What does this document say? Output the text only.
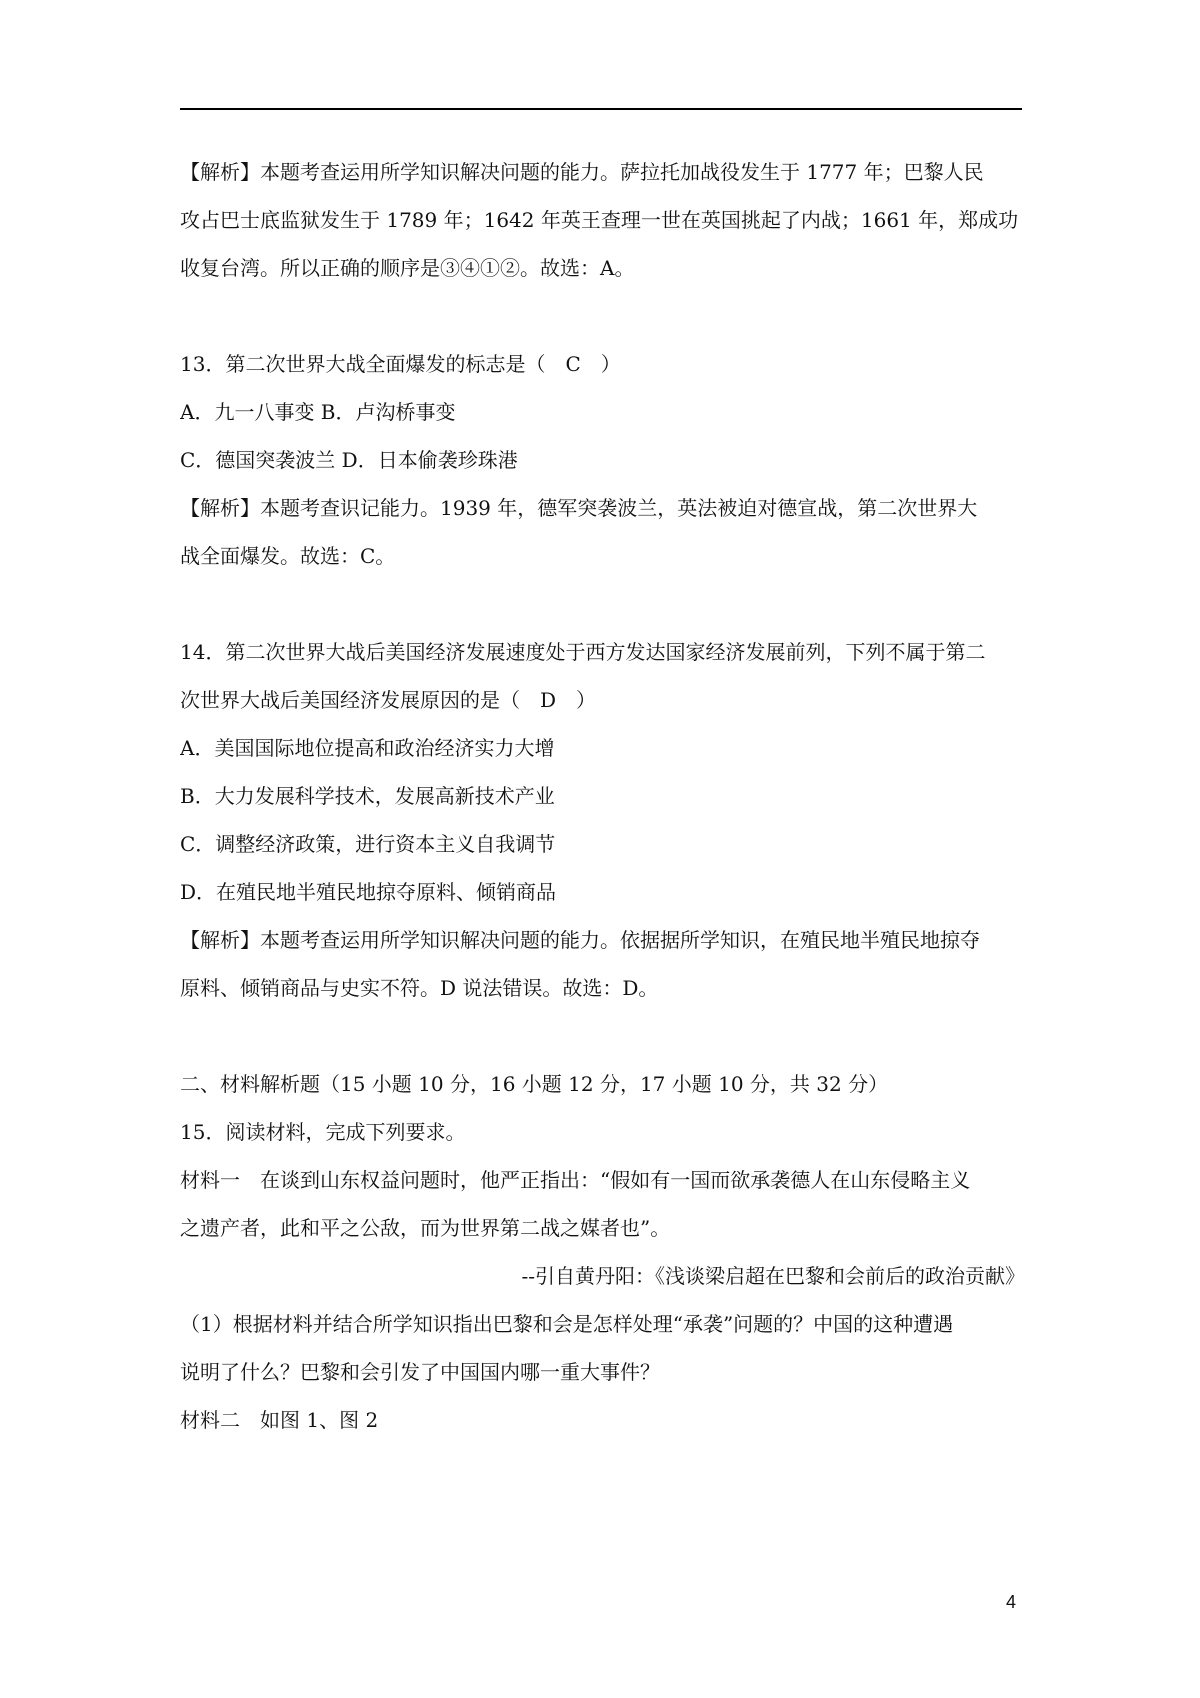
【解析】本题考查运用所学知识解决问题的能力。萨拉托加战役发生于 1777 年；巴黎人民
攻占巴士底监狱发生于 1789 年；1642 年英王查理一世在英国挑起了内战；1661 年，郑成功
收复台湾。所以正确的顺序是③④①②。故选：A。
13．第二次世界大战全面爆发的标志是（　C　）
A．九一八事变 B．卢沟桥事变
C．德国突袭波兰 D．日本偷袭珍珠港
【解析】本题考查识记能力。1939 年，德军突袭波兰，英法被迫对德宣战，第二次世界大
战全面爆发。故选：C。
14．第二次世界大战后美国经济发展速度处于西方发达国家经济发展前列，下列不属于第二
次世界大战后美国经济发展原因的是（　D　）
A．美国国际地位提高和政治经济实力大增
B．大力发展科学技术，发展高新技术产业
C．调整经济政策，进行资本主义自我调节
D．在殖民地半殖民地掠夺原料、倾销商品
【解析】本题考查运用所学知识解决问题的能力。依据据所学知识，在殖民地半殖民地掠夺
原料、倾销商品与史实不符。D 说法错误。故选：D。
二、材料解析题（15 小题 10 分，16 小题 12 分，17 小题 10 分，共 32 分）
15．阅读材料，完成下列要求。
材料一　在谈到山东权益问题时，他严正指出：“假如有一国而欲承袭德人在山东侵略主义
之遗产者，此和平之公敌，而为世界第二战之媒者也”。
--引自黄丹阳：《浅谈梁启超在巴黎和会前后的政治贡献》
（1）根据材料并结合所学知识指出巴黎和会是怎样处理“承袭”问题的？中国的这种遭遇
说明了什么？巴黎和会引发了中国国内哪一重大事件？
材料二　如图 1、图 2
4
